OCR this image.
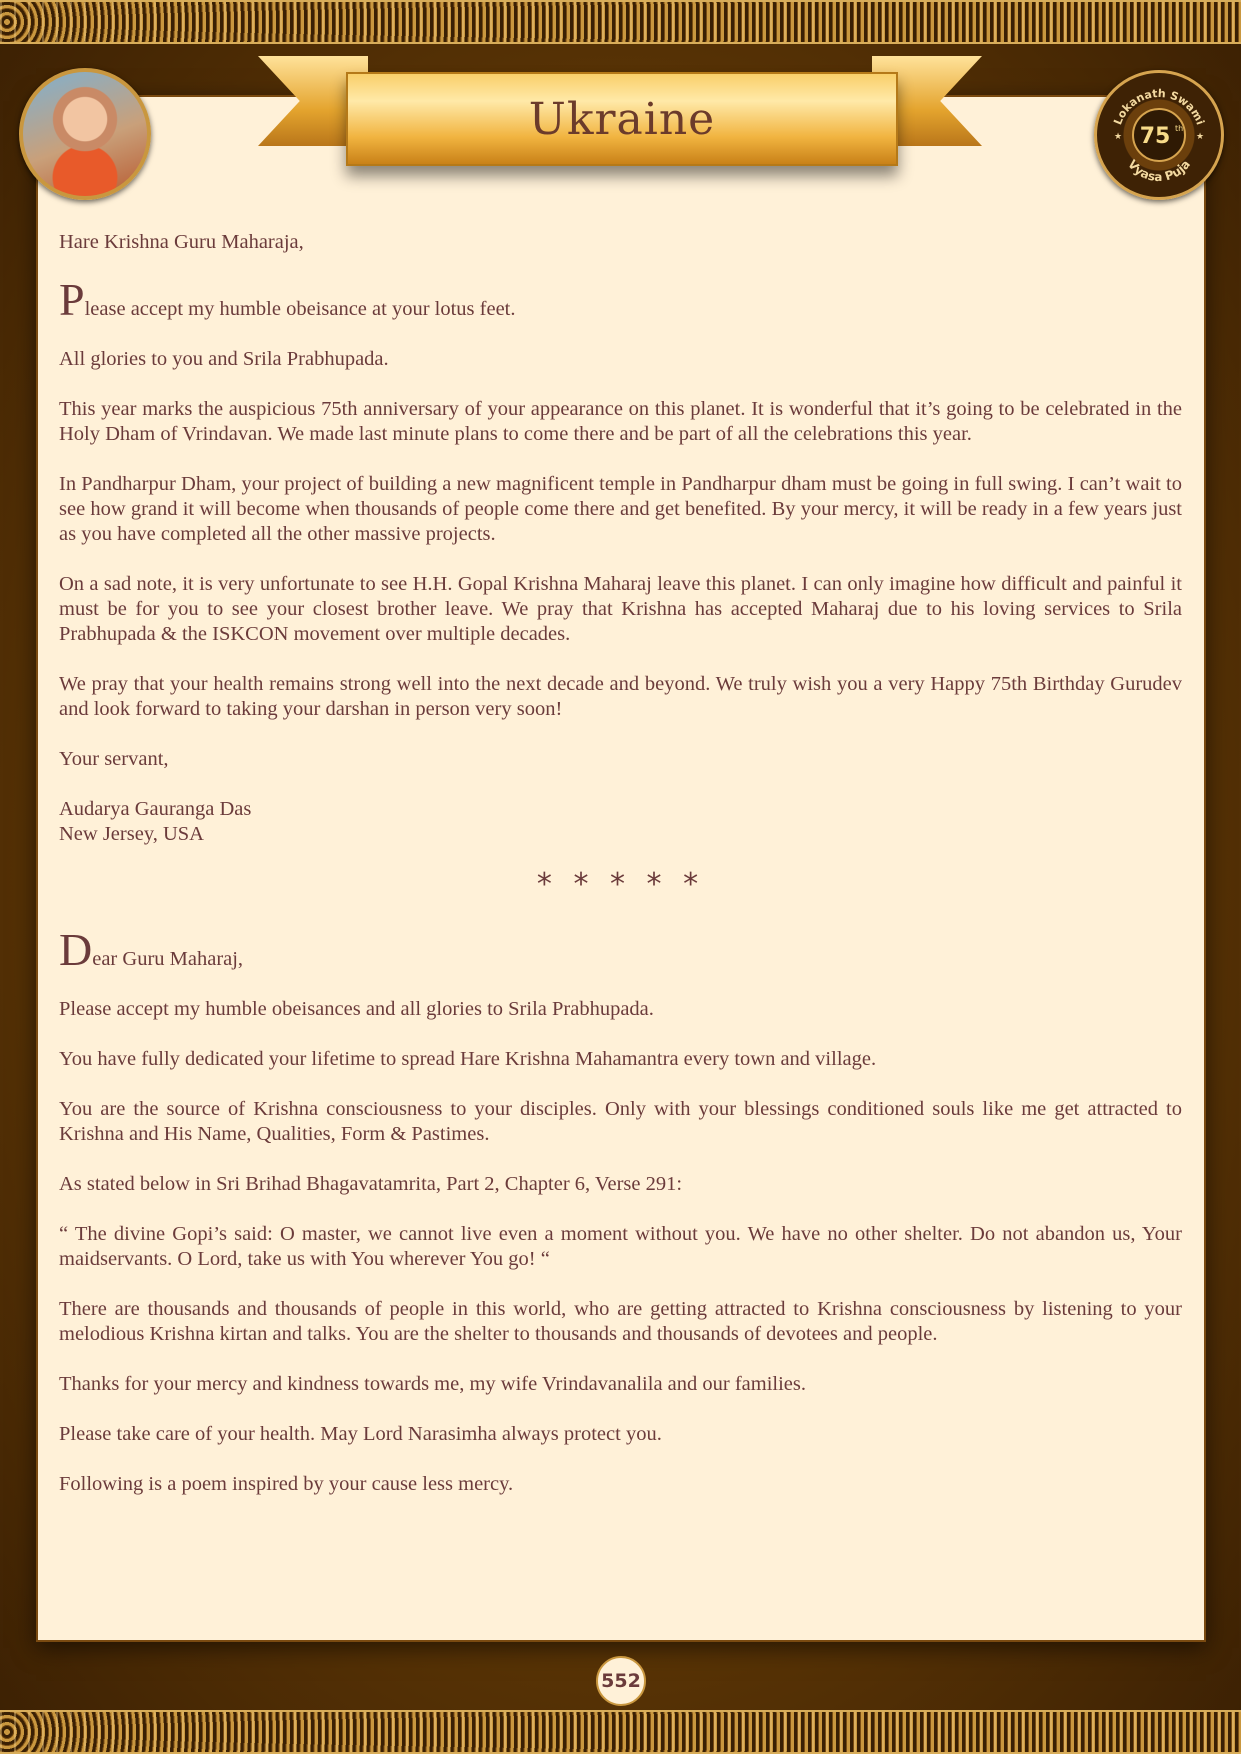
Lokanath Swami
Vyasa Puja
75 th
★	★
Ukraine

Hare Krishna Guru Maharaja,

Please accept my humble obeisance at your lotus feet.

All glories to you and Srila Prabhupada.

This year marks the auspicious 75th anniversary of your appearance on this planet. It is wonderful that it’s going to be celebrated in the Holy Dham of Vrindavan. We made last minute plans to come there and be part of all the celebrations this year.

In Pandharpur Dham, your project of building a new magnificent temple in Pandharpur dham must be going in full swing. I can’t wait to see how grand it will become when thousands of people come there and get benefited. By your mercy, it will be ready in a few years just as you have completed all the other massive projects.

On a sad note, it is very unfortunate to see H.H. Gopal Krishna Maharaj leave this planet. I can only imagine how difficult and painful it must be for you to see your closest brother leave. We pray that Krishna has accepted Maharaj due to his loving services to Srila Prabhupada & the ISKCON movement over multiple decades.

We pray that your health remains strong well into the next decade and beyond. We truly wish you a very Happy 75th Birthday Gurudev and look forward to taking your darshan in person very soon!

Your servant,

Audarya Gauranga Das
New Jersey, USA

* * * * *

Dear Guru Maharaj,

Please accept my humble obeisances and all glories to Srila Prabhupada.

You have fully dedicated your lifetime to spread Hare Krishna Mahamantra every town and village.

You are the source of Krishna consciousness to your disciples. Only with your blessings conditioned souls like me get attracted to Krishna and His Name, Qualities, Form & Pastimes.

As stated below in Sri Brihad Bhagavatamrita, Part 2, Chapter 6, Verse 291:

“ The divine Gopi’s said: O master, we cannot live even a moment without you. We have no other shelter. Do not abandon us, Your maidservants. O Lord, take us with You wherever You go! “

There are thousands and thousands of people in this world, who are getting attracted to Krishna consciousness by listening to your melodious Krishna kirtan and talks. You are the shelter to thousands and thousands of devotees and people.

Thanks for your mercy and kindness towards me, my wife Vrindavanalila and our families.

Please take care of your health. May Lord Narasimha always protect you.

Following is a poem inspired by your cause less mercy.

552
